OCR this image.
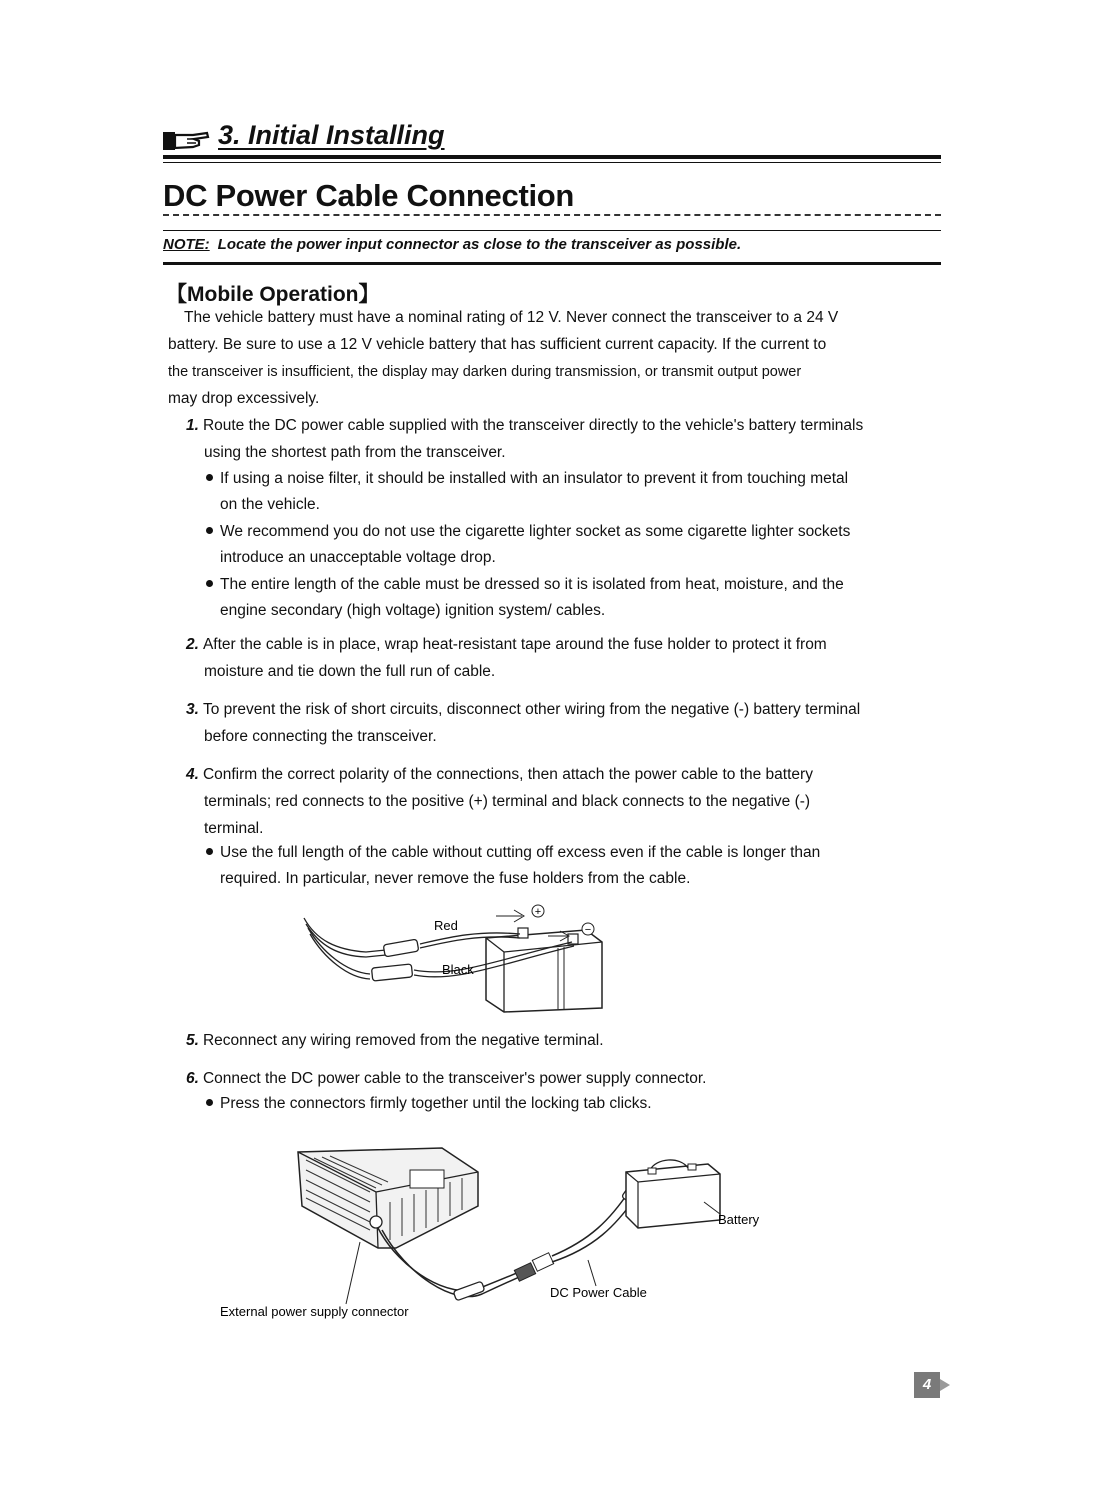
3. Initial Installing
DC Power Cable Connection
NOTE: Locate the power input connector as close to the transceiver as possible.
【Mobile Operation】
The vehicle battery must have a nominal rating of 12 V. Never connect the transceiver to a 24 V
battery. Be sure to use a 12 V vehicle battery that has sufficient current capacity. If the current to
the transceiver is insufficient, the display may darken during transmission, or transmit output power
may drop excessively.
1. Route the DC power cable supplied with the transceiver directly to the vehicle's battery terminals
using the shortest path from the transceiver.
If using a noise filter, it should be installed with an insulator to prevent it from touching metal
on the vehicle.
We recommend you do not use the cigarette lighter socket as some cigarette lighter sockets
introduce an unacceptable voltage drop.
The entire length of the cable must be dressed so it is isolated from heat, moisture, and the
engine secondary (high voltage) ignition system/ cables.
2. After the cable is in place, wrap heat-resistant tape around the fuse holder to protect it from
moisture and tie down the full run of cable.
3. To prevent the risk of short circuits, disconnect other wiring from the negative (-) battery terminal
before connecting the transceiver.
4. Confirm the correct polarity of the connections, then attach the power cable to the battery
terminals; red connects to the positive (+) terminal and black connects to the negative (-)
terminal.
Use the full length of the cable without cutting off excess even if the cable is longer than
required. In particular, never remove the fuse holders from the cable.
+
−
Red
Black
5. Reconnect any wiring removed from the negative terminal.
6. Connect the DC power cable to the transceiver's power supply connector.
Press the connectors firmly together until the locking tab clicks.
Battery
DC Power Cable
External power supply connector
4
